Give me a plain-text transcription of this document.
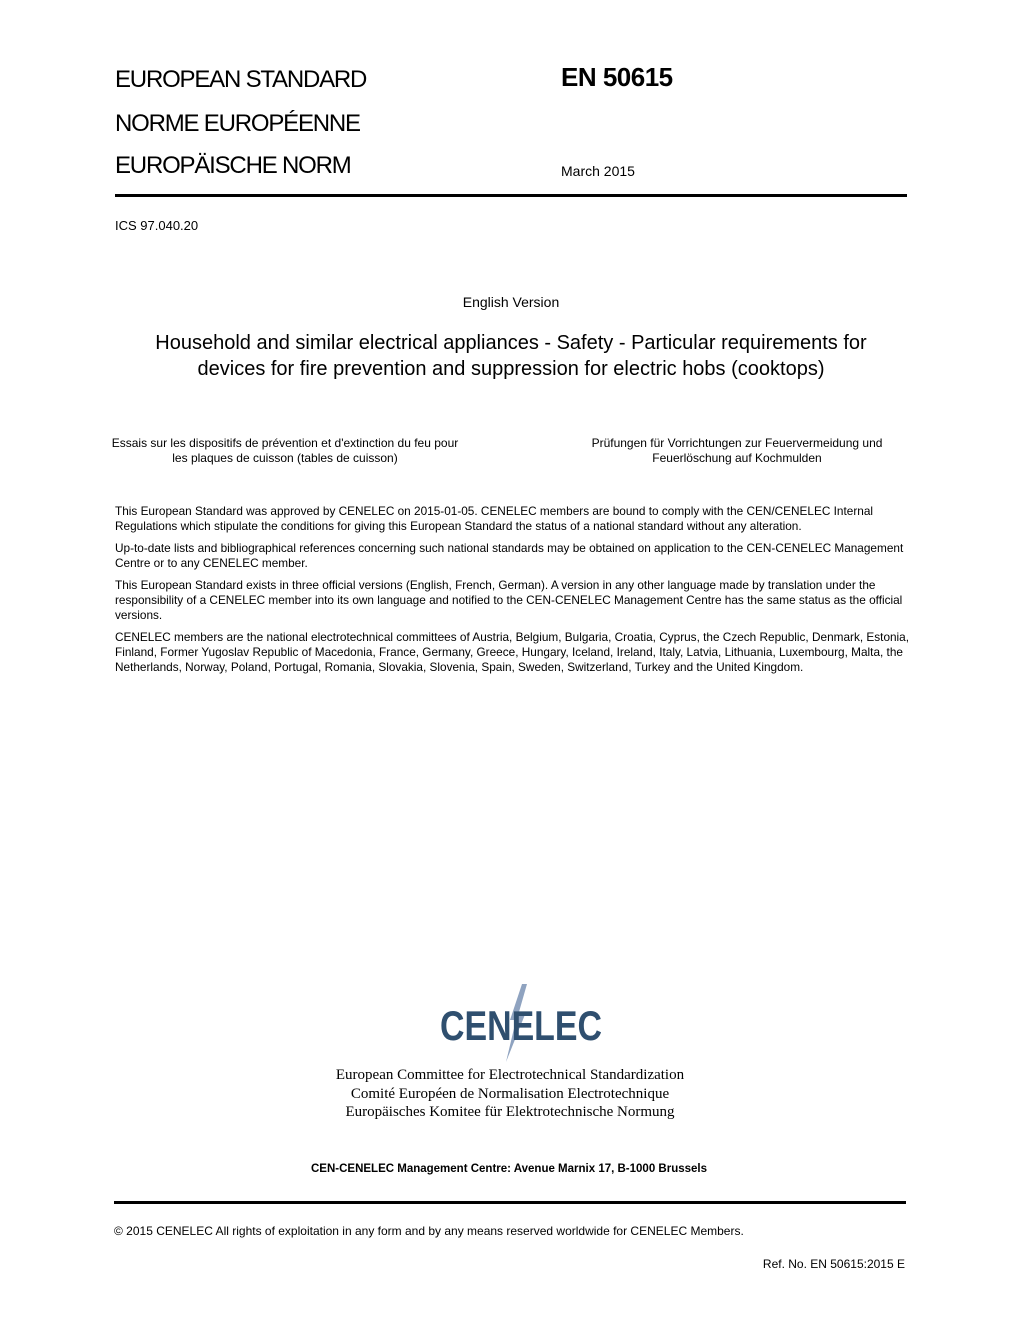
EUROPEAN STANDARD
NORME EUROPÉENNE
EUROPÄISCHE NORM
EN 50615
March 2015
ICS 97.040.20
English Version
Household and similar electrical appliances - Safety - Particular requirements for devices for fire prevention and suppression for electric hobs (cooktops)
Essais sur les dispositifs de prévention et d'extinction du feu pour les plaques de cuisson (tables de cuisson)
Prüfungen für Vorrichtungen zur Feuervermeidung und Feuerlöschung auf Kochmulden

This European Standard was approved by CENELEC on 2015-01-05. CENELEC members are bound to comply with the CEN/CENELEC Internal Regulations which stipulate the conditions for giving this European Standard the status of a national standard without any alteration.

Up-to-date lists and bibliographical references concerning such national standards may be obtained on application to the CEN-CENELEC Management Centre or to any CENELEC member.

This European Standard exists in three official versions (English, French, German). A version in any other language made by translation under the responsibility of a CENELEC member into its own language and notified to the CEN-CENELEC Management Centre has the same status as the official versions.

CENELEC members are the national electrotechnical committees of Austria, Belgium, Bulgaria, Croatia, Cyprus, the Czech Republic, Denmark, Estonia, Finland, Former Yugoslav Republic of Macedonia, France, Germany, Greece, Hungary, Iceland, Ireland, Italy, Latvia, Lithuania, Luxembourg, Malta, the Netherlands, Norway, Poland, Portugal, Romania, Slovakia, Slovenia, Spain, Sweden, Switzerland, Turkey and the United Kingdom.

CENELEC
European Committee for Electrotechnical Standardization
Comité Européen de Normalisation Electrotechnique
Europäisches Komitee für Elektrotechnische Normung
CEN-CENELEC Management Centre: Avenue Marnix 17, B-1000 Brussels
© 2015 CENELEC All rights of exploitation in any form and by any means reserved worldwide for CENELEC Members.
Ref. No. EN 50615:2015 E
